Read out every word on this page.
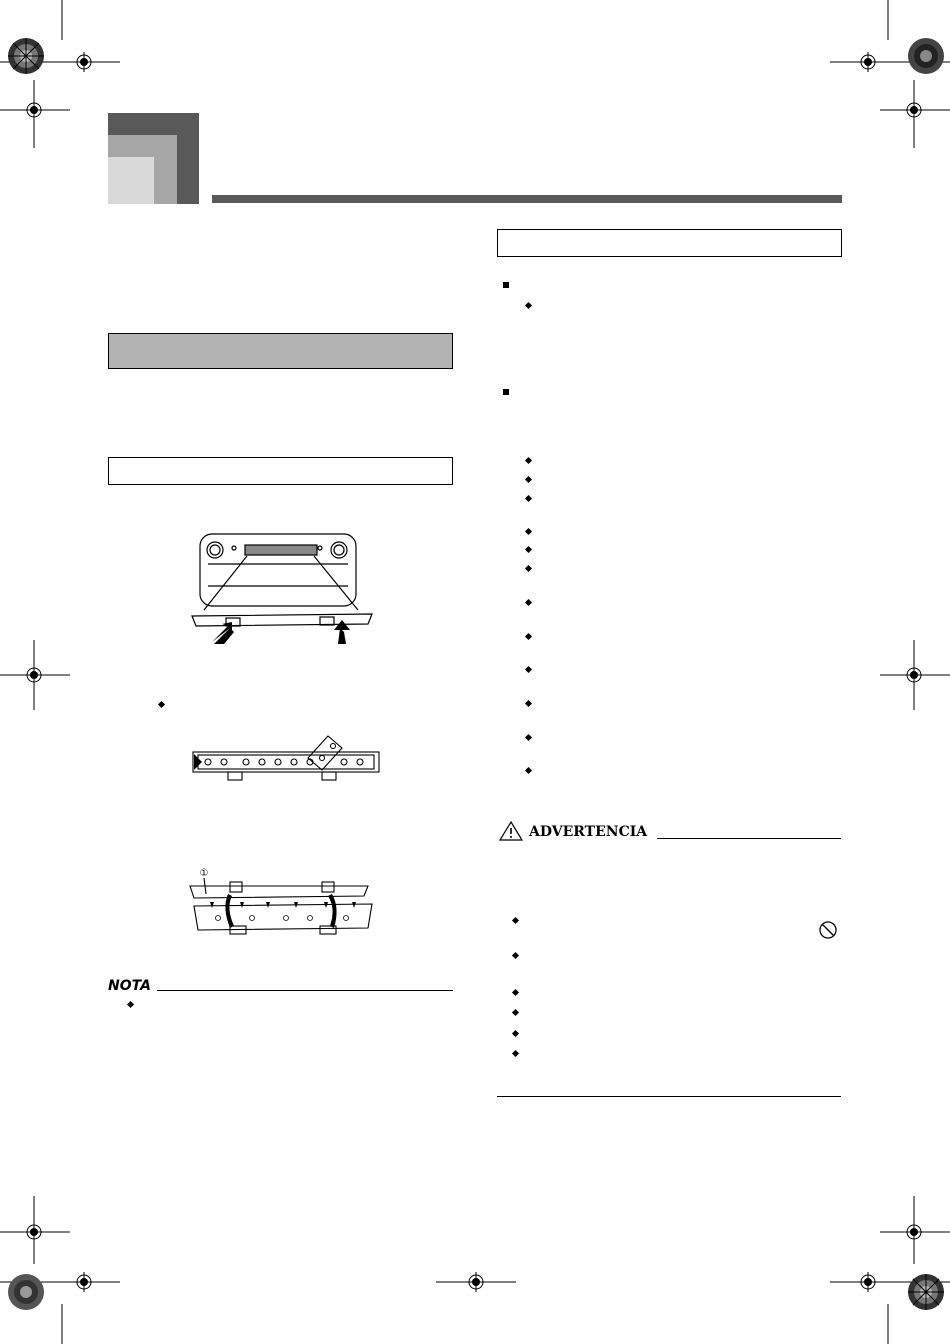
①
NOTA
ADVERTENCIA
